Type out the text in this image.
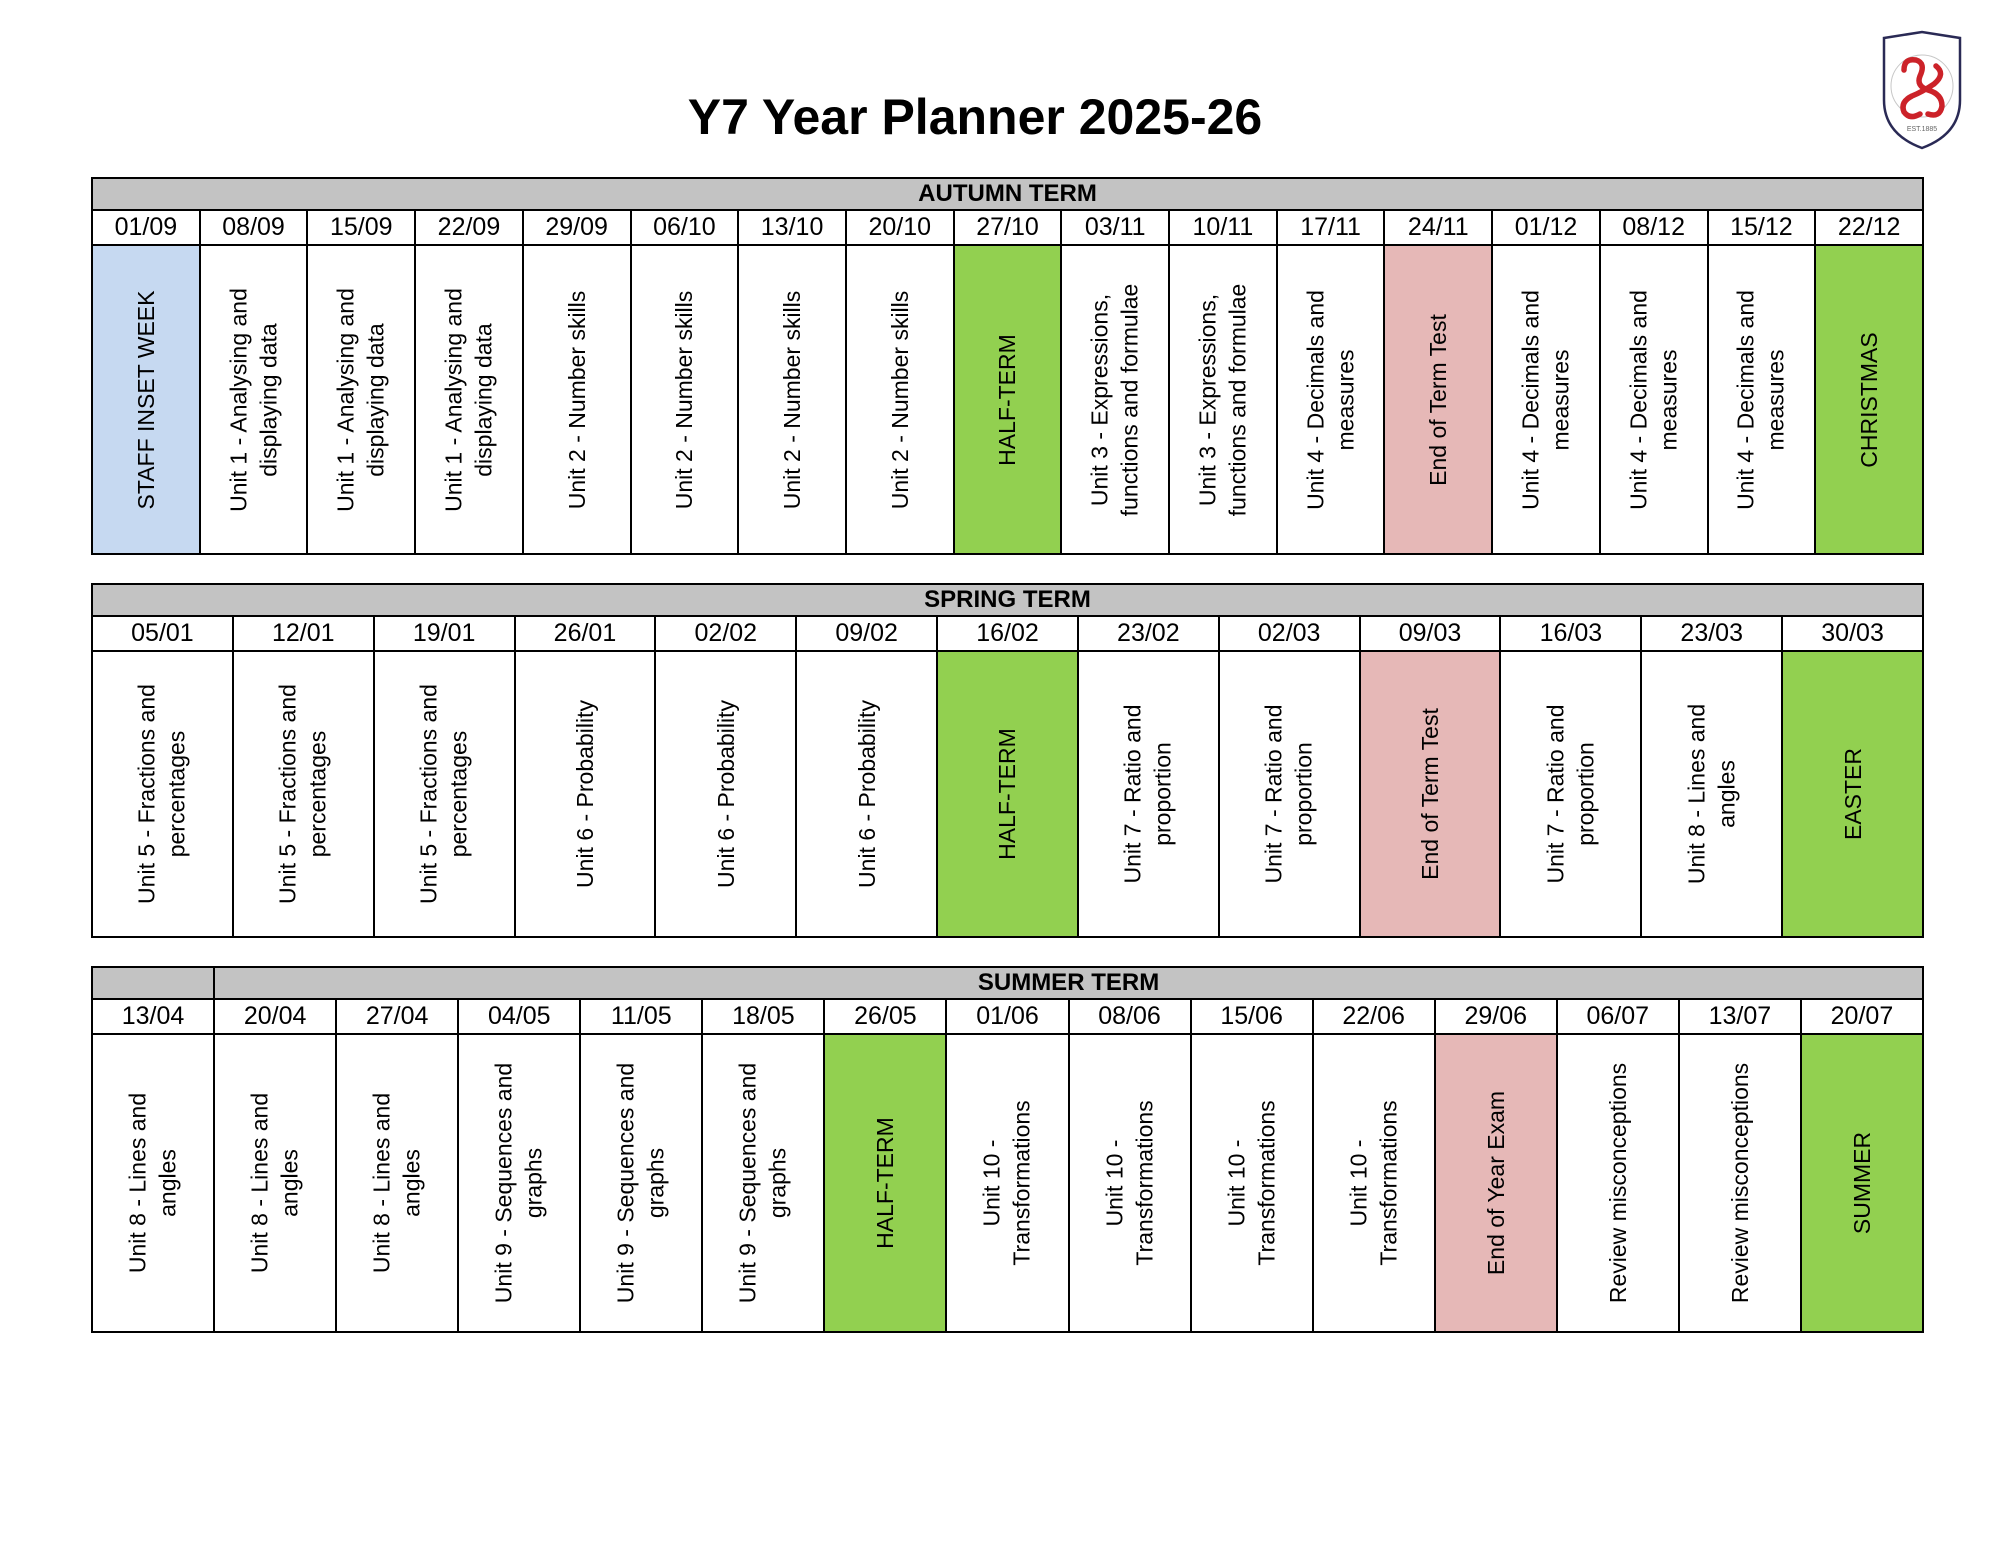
Y7 Year Planner 2025-26	EST.1885
AUTUMN TERM																
01/09	08/09	15/09	22/09	29/09	06/10	13/10	20/10	27/10	03/11	10/11	17/11	24/11	01/12	08/12	15/12	22/12

STAFF INSET WEEK	Unit 1 - Analysing and
displaying data	Unit 1 - Analysing and
displaying data	Unit 1 - Analysing and
displaying data	Unit 2 - Number skills	Unit 2 - Number skills	Unit 2 - Number skills	Unit 2 - Number skills	HALF-TERM	Unit 3 - Expressions,
functions and formulae	Unit 3 - Expressions,
functions and formulae	Unit 4 - Decimals and
measures	End of Term Test	Unit 4 - Decimals and
measures	Unit 4 - Decimals and
measures	Unit 4 - Decimals and
measures	CHRISTMAS
SPRING TERM												
05/01	12/01	19/01	26/01	02/02	09/02	16/02	23/02	02/03	09/03	16/03	23/03	30/03

Unit 5 - Fractions and
percentages	Unit 5 - Fractions and
percentages	Unit 5 - Fractions and
percentages	Unit 6 - Probability	Unit 6 - Probability	Unit 6 - Probability	HALF-TERM	Unit 7 - Ratio and
proportion	Unit 7 - Ratio and
proportion	End of Term Test	Unit 7 - Ratio and
proportion	Unit 8 - Lines and
angles	EASTER
	SUMMER TERM													
13/04	20/04	27/04	04/05	11/05	18/05	26/05	01/06	08/06	15/06	22/06	29/06	06/07	13/07	20/07

Unit 8 - Lines and
angles	Unit 8 - Lines and
angles	Unit 8 - Lines and
angles	Unit 9 - Sequences and
graphs	Unit 9 - Sequences and
graphs	Unit 9 - Sequences and
graphs	HALF-TERM	Unit 10 -
Transformations	Unit 10 -
Transformations	Unit 10 -
Transformations	Unit 10 -
Transformations	End of Year Exam	Review misconceptions	Review misconceptions	SUMMER
